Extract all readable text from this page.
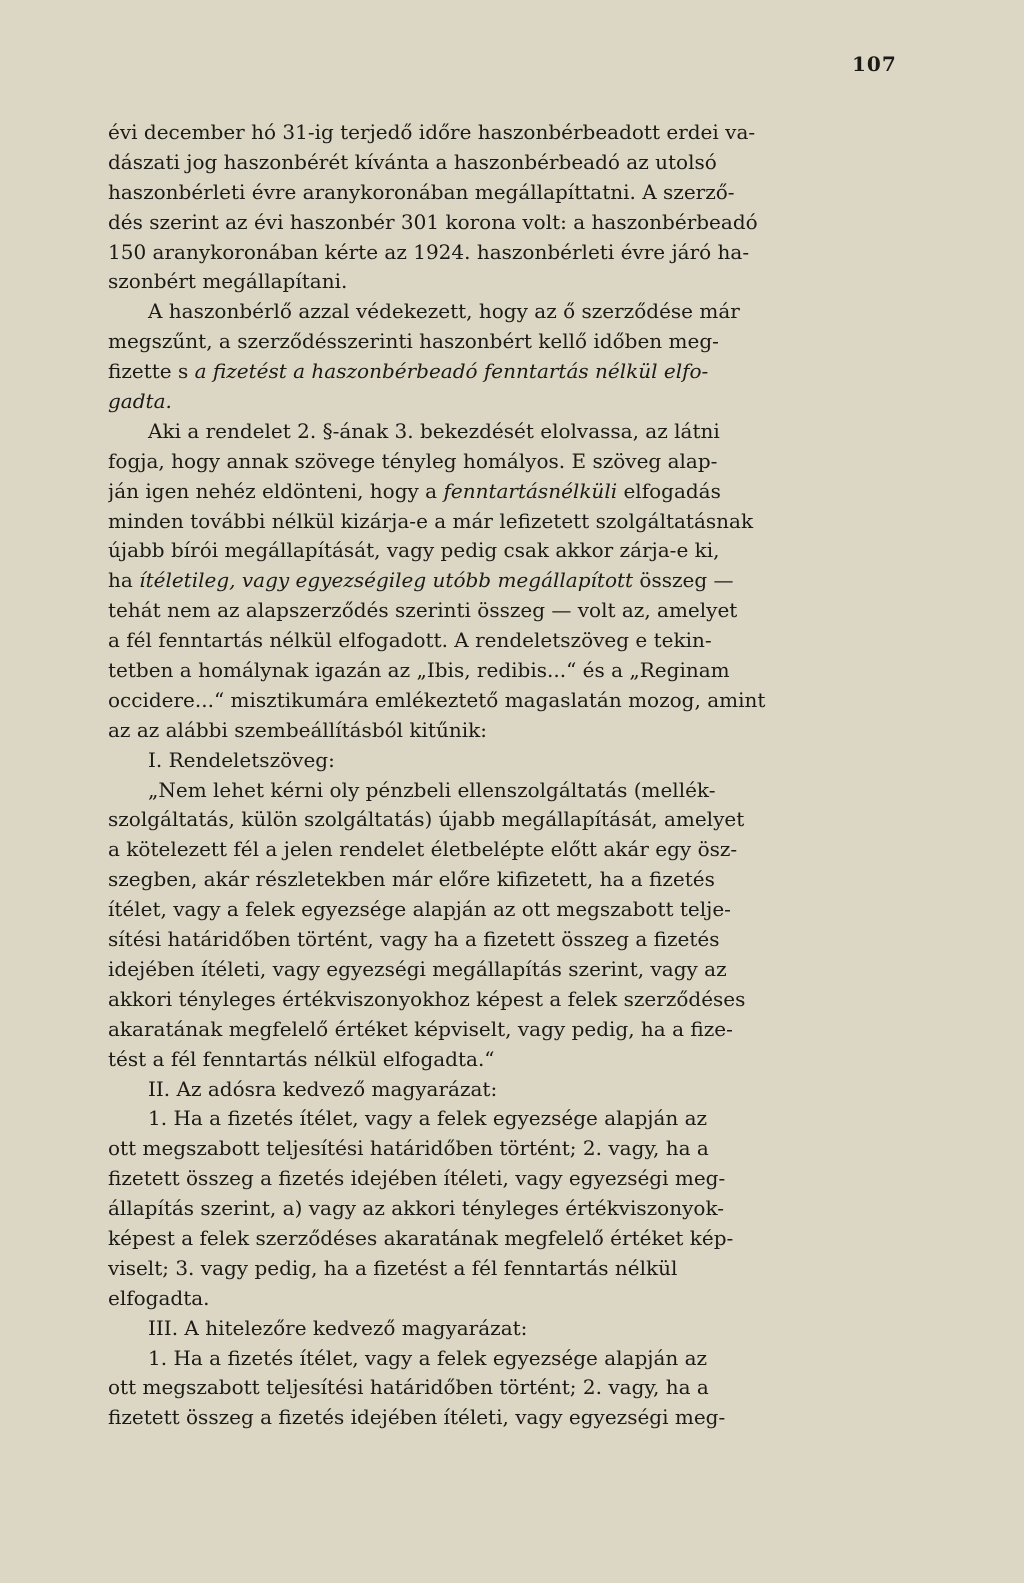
107
évi december hó 31-ig terjedő időre haszonbérbeadott erdei va-
dászati jog haszonbérét kívánta a haszonbérbeadó az utolsó
haszonbérleti évre aranykoronában megállapíttatni. A szerző-
dés szerint az évi haszonbér 301 korona volt: a haszonbérbeadó
150 aranykoronában kérte az 1924. haszonbérleti évre járó ha-
szonbért megállapítani.
A haszonbérlő azzal védekezett, hogy az ő szerződése már
megszűnt, a szerződésszerinti haszonbért kellő időben meg-
fizette s a fizetést a haszonbérbeadó fenntartás nélkül elfo-
gadta.
Aki a rendelet 2. §-ának 3. bekezdését elolvassa, az látni
fogja, hogy annak szövege tényleg homályos. E szöveg alap-
ján igen nehéz eldönteni, hogy a fenntartásnélküli elfogadás
minden további nélkül kizárja-e a már lefizetett szolgáltatásnak
újabb bírói megállapítását, vagy pedig csak akkor zárja-e ki,
ha ítéletileg, vagy egyezségileg utóbb megállapított összeg —
tehát nem az alapszerződés szerinti összeg — volt az, amelyet
a fél fenntartás nélkül elfogadott. A rendeletszöveg e tekin-
tetben a homálynak igazán az „Ibis, redibis...“ és a „Reginam
occidere...“ misztikumára emlékeztető magaslatán mozog, amint
az az alábbi szembeállításból kitűnik:
I. Rendeletszöveg:
„Nem lehet kérni oly pénzbeli ellenszolgáltatás (mellék-
szolgáltatás, külön szolgáltatás) újabb megállapítását, amelyet
a kötelezett fél a jelen rendelet életbelépte előtt akár egy ösz-
szegben, akár részletekben már előre kifizetett, ha a fizetés
ítélet, vagy a felek egyezsége alapján az ott megszabott telje-
sítési határidőben történt, vagy ha a fizetett összeg a fizetés
idejében ítéleti, vagy egyezségi megállapítás szerint, vagy az
akkori tényleges értékviszonyokhoz képest a felek szerződéses
akaratának megfelelő értéket képviselt, vagy pedig, ha a fize-
tést a fél fenntartás nélkül elfogadta.“
II. Az adósra kedvező magyarázat:
1. Ha a fizetés ítélet, vagy a felek egyezsége alapján az
ott megszabott teljesítési határidőben történt; 2. vagy, ha a
fizetett összeg a fizetés idejében ítéleti, vagy egyezségi meg-
állapítás szerint, a) vagy az akkori tényleges értékviszonyok-
képest a felek szerződéses akaratának megfelelő értéket kép-
viselt; 3. vagy pedig, ha a fizetést a fél fenntartás nélkül
elfogadta.
III. A hitelezőre kedvező magyarázat:
1. Ha a fizetés ítélet, vagy a felek egyezsége alapján az
ott megszabott teljesítési határidőben történt; 2. vagy, ha a
fizetett összeg a fizetés idejében ítéleti, vagy egyezségi meg-
